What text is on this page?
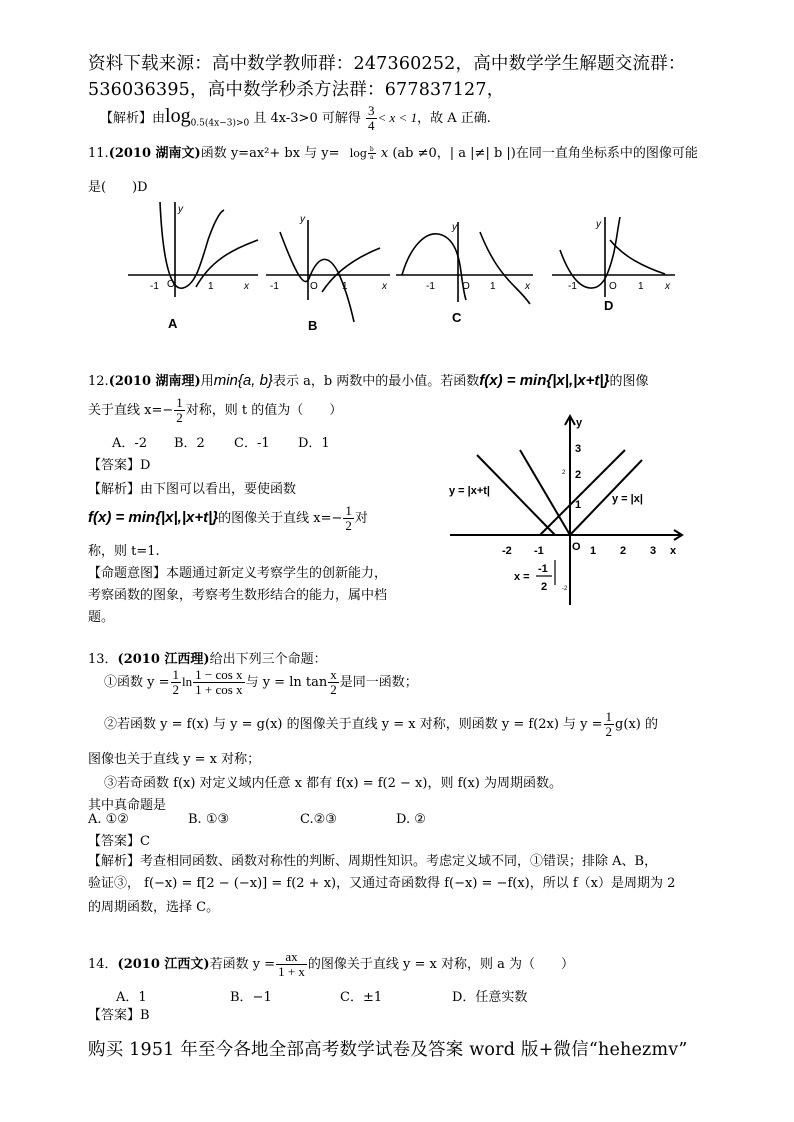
资料下载来源：高中数学教师群：247360252，高中数学学生解题交流群：
536036395，高中数学秒杀方法群：677837127，
【解析】由$\log_{0.5(4x-3)>0}$ 且 4x-3>0 可解得 $\frac{3}{4} < x < 1$，故 A 正确.
11.(2010 湖南文)函数 y=ax²+ bx 与 $y= \log \frac{b}{a}$ x (ab ≠0，| a |≠| b |)在同一直角坐标系中的图像可能
是(　　)D
-1 O	1	x
y
A
-1	O 1	x
y
B
-1	O 1	x
y
C
-1	O 1 x
y
D
12.(2010 湖南理)用min{a, b}表示 a，b 两数中的最小值。若函数f(x) = min{|x|,|x+t|}的图像
关于直线 $x=- \frac{1}{2}$ 对称，则 t 的值为（　　）
A．-2 B．2 C．-1 D．1
【答案】D
【解析】由下图可以看出，要使函数
f(x) = min{|x|,|x+t|}的图像关于直线 $x=- \frac{1}{2}$ 对
称，则 t=1.
【命题意图】本题通过新定义考察学生的创新能力，
考察函数的图象，考察考生数形结合的能力，属中档
题。
-2 -1	O 1 2 3 x
1
2
3
y
y = |x+t|
y = |x|
x =
-1
2
2
-2
13．(2010 江西理)给出下列三个命题：
①函数 $y = \frac{1}{2}$ $\ln \frac{\text{1 − cos x}}{\text{1 + cos x}}$ 与 $y = \ln \tan \frac{x}{2}$ 是同一函数；
②若函数 y = f(x) 与 y = g(x) 的图像关于直线 y = x 对称，则函数 y = f(2x) 与 $y = \frac{1}{2} g(x)$ 的
图像也关于直线 y = x 对称；
③若奇函数 f(x) 对定义域内任意 x 都有 f(x) = f(2 − x)，则 f(x) 为周期函数。
其中真命题是
A. ①②	B. ①③	C.②③	D. ②
【答案】C
【解析】考查相同函数、函数对称性的判断、周期性知识。考虑定义域不同，①错误；排除 A、B，
验证③， f(−x) = f[2 − (−x)] = f(2 + x)，又通过奇函数得 f(−x) = −f(x)，所以 f（x）是周期为 2
的周期函数，选择 C。
14．(2010 江西文)若函数 $y = \frac{ax}{1 + x}$ 的图像关于直线 y = x 对称，则 a 为（　　）
A．1	B．−1	C．±1	D．任意实数
【答案】B
购买 1951 年至今各地全部高考数学试卷及答案 word 版+微信“hehezmv”
